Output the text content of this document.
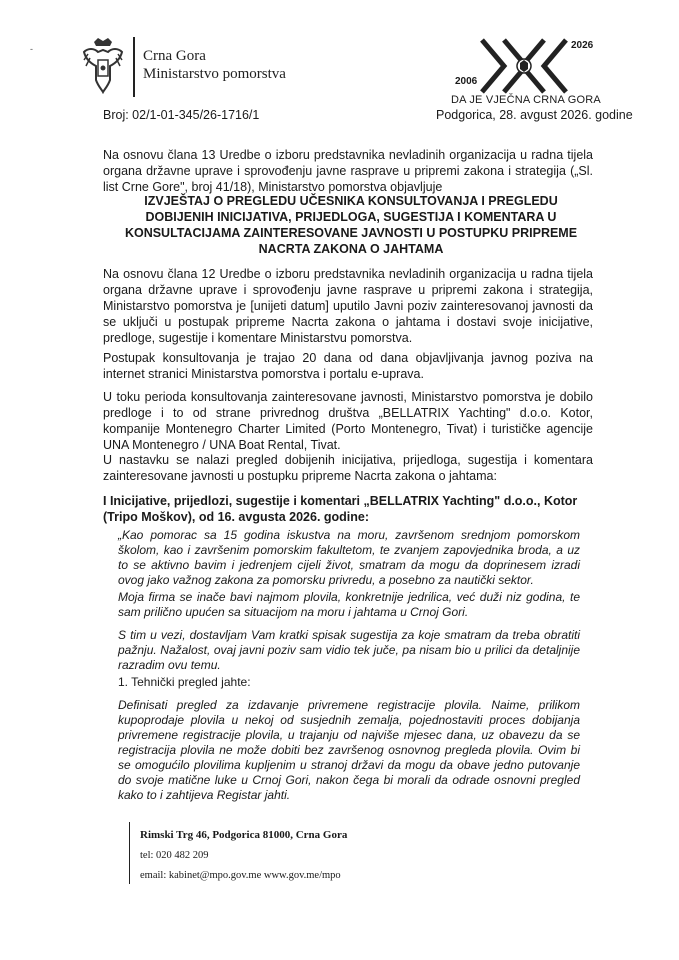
-	Crna Gora
Ministarstvo pomorstva
2026
2006
DA JE VJEČNA CRNA GORA
Broj: 02/1-01-345/26-1716/1	Podgorica, 28. avgust 2026. godine
Na osnovu člana 13 Uredbe o izboru predstavnika nevladinih organizacija u radna tijela organa državne uprave i sprovođenju javne rasprave u pripremi zakona i strategija („Sl. list Crne Gore", broj 41/18), Ministarstvo pomorstva objavljuje
IZVJEŠTAJ O PREGLEDU UČESNIKA KONSULTOVANJA I PREGLEDU DOBIJENIH INICIJATIVA, PRIJEDLOGA, SUGESTIJA I KOMENTARA U KONSULTACIJAMA ZAINTERESOVANE JAVNOSTI U POSTUPKU PRIPREME NACRTA ZAKONA O JAHTAMA
Na osnovu člana 12 Uredbe o izboru predstavnika nevladinih organizacija u radna tijela organa državne uprave i sprovođenju javne rasprave u pripremi zakona i strategija, Ministarstvo pomorstva je [unijeti datum] uputilo Javni poziv zainteresovanoj javnosti da se uključi u postupak pripreme Nacrta zakona o jahtama i dostavi svoje inicijative, predloge, sugestije i komentare Ministarstvu pomorstva.
Postupak konsultovanja je trajao 20 dana od dana objavljivanja javnog poziva na internet stranici Ministarstva pomorstva i portalu e-uprava.
U toku perioda konsultovanja zainteresovane javnosti, Ministarstvo pomorstva je dobilo predloge i to od strane privrednog društva „BELLATRIX Yachting" d.o.o. Kotor, kompanije Montenegro Charter Limited (Porto Montenegro, Tivat) i turističke agencije UNA Montenegro / UNA Boat Rental, Tivat.
U nastavku se nalazi pregled dobijenih inicijativa, prijedloga, sugestija i komentara zainteresovane javnosti u postupku pripreme Nacrta zakona o jahtama:
I Inicijative, prijedlozi, sugestije i komentari „BELLATRIX Yachting" d.o.o., Kotor (Tripo Moškov), od 16. avgusta 2026. godine:
„Kao pomorac sa 15 godina iskustva na moru, završenom srednjom pomorskom školom, kao i završenim pomorskim fakultetom, te zvanjem zapovjednika broda, a uz to se aktivno bavim i jedrenjem cijeli život, smatram da mogu da doprinesem izradi ovog jako važnog zakona za pomorsku privredu, a posebno za nautički sektor.
Moja firma se inače bavi najmom plovila, konkretnije jedrilica, već duži niz godina, te sam prilično upućen sa situacijom na moru i jahtama u Crnoj Gori.
S tim u vezi, dostavljam Vam kratki spisak sugestija za koje smatram da treba obratiti pažnju. Nažalost, ovaj javni poziv sam vidio tek juče, pa nisam bio u prilici da detaljnije razradim ovu temu.
1. Tehnički pregled jahte:
Definisati pregled za izdavanje privremene registracije plovila. Naime, prilikom kupoprodaje plovila u nekoj od susjednih zemalja, pojednostaviti proces dobijanja privremene registracije plovila, u trajanju od najviše mjesec dana, uz obavezu da se registracija plovila ne može dobiti bez završenog osnovnog pregleda plovila. Ovim bi se omogućilo plovilima kupljenim u stranoj državi da mogu da obave jedno putovanje do svoje matične luke u Crnoj Gori, nakon čega bi morali da odrade osnovni pregled kako to i zahtijeva Registar jahti.
Rimski Trg 46, Podgorica 81000, Crna Gora
tel: 020 482 209
email: kabinet@mpo.gov.me www.gov.me/mpo
